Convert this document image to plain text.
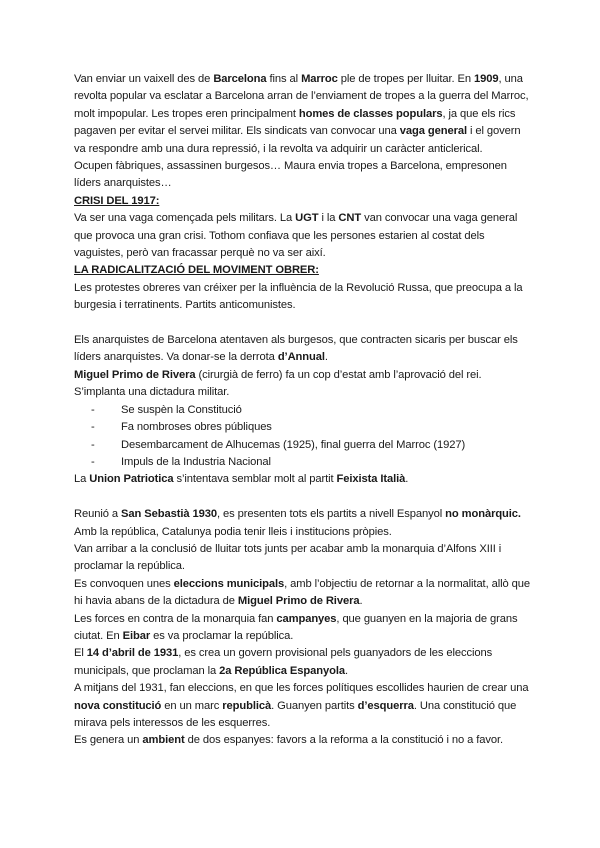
Van enviar un vaixell des de Barcelona fins al Marroc ple de tropes per lluitar. En 1909, una revolta popular va esclatar a Barcelona arran de l’enviament de tropes a la guerra del Marroc, molt impopular. Les tropes eren principalment homes de classes populars, ja que els rics pagaven per evitar el servei militar. Els sindicats van convocar una vaga general i el govern va respondre amb una dura repressió, i la revolta va adquirir un caràcter anticlerical.

Ocupen fàbriques, assassinen burgesos… Maura envia tropes a Barcelona, empresonen líders anarquistes…

CRISI DEL 1917:

Va ser una vaga començada pels militars. La UGT i la CNT van convocar una vaga general que provoca una gran crisi. Tothom confiava que les persones estarien al costat dels vaguistes, però van fracassar perquè no va ser així.

LA RADICALITZACIÓ DEL MOVIMENT OBRER:

Les protestes obreres van créixer per la influència de la Revolució Russa, que preocupa a la burgesia i terratinents. Partits anticomunistes.

Els anarquistes de Barcelona atentaven als burgesos, que contracten sicaris per buscar els líders anarquistes. Va donar-se la derrota d’Annual.

Miguel Primo de Rivera (cirurgià de ferro) fa un cop d’estat amb l’aprovació del rei. S’implanta una dictadura militar.

- Se suspèn la Constitució
- Fa nombroses obres públiques
- Desembarcament de Alhucemas (1925), final guerra del Marroc (1927)
- Impuls de la Industria Nacional

La Union Patriotica s’intentava semblar molt al partit Feixista Italià.

Reunió a San Sebastià 1930, es presenten tots els partits a nivell Espanyol no monàrquic.

Amb la república, Catalunya podia tenir lleis i institucions pròpies.

Van arribar a la conclusió de lluitar tots junts per acabar amb la monarquia d’Alfons XIII i proclamar la república.

Es convoquen unes eleccions municipals, amb l’objectiu de retornar a la normalitat, allò que hi havia abans de la dictadura de Miguel Primo de Rivera.

Les forces en contra de la monarquia fan campanyes, que guanyen en la majoria de grans ciutat. En Eibar es va proclamar la república.

El 14 d’abril de 1931, es crea un govern provisional pels guanyadors de les eleccions municipals, que proclaman la 2a República Espanyola.

A mitjans del 1931, fan eleccions, en que les forces polítiques escollides haurien de crear una nova constitució en un marc republicà. Guanyen partits d’esquerra. Una constitució que mirava pels interessos de les esquerres.

Es genera un ambient de dos espanyes: favors a la reforma a la constitució i no a favor.
